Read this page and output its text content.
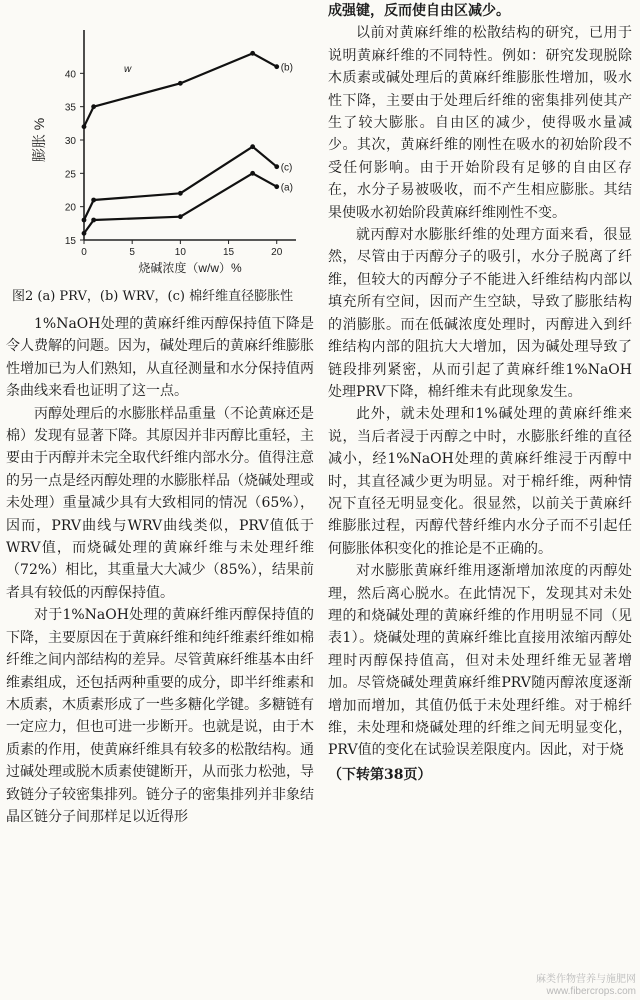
15
20
25
30
35
40
0	5	10	15	20
膨胀 %
烧碱浓度（w/w）%
w	(b)
(c)
(a)
图2 (a) PRV，(b) WRV，(c) 棉纤维直径膨胀性

1%NaOH处理的黄麻纤维丙醇保持值下降是令人费解的问题。因为，碱处理后的黄麻纤维膨胀性增加已为人们熟知，从直径测量和水分保持值两条曲线来看也证明了这一点。

丙醇处理后的水膨胀样品重量（不论黄麻还是棉）发现有显著下降。其原因并非丙醇比重轻，主要由于丙醇并未完全取代纤维内部水分。值得注意的另一点是经丙醇处理的水膨胀样品（烧碱处理或未处理）重量减少具有大致相同的情况（65%），因而，PRV曲线与WRV曲线类似，PRV值低于WRV值，而烧碱处理的黄麻纤维与未处理纤维（72%）相比，其重量大大减少（85%），结果前者具有较低的丙醇保持值。

对于1%NaOH处理的黄麻纤维丙醇保持值的下降，主要原因在于黄麻纤维和纯纤维素纤维如棉纤维之间内部结构的差异。尽管黄麻纤维基本由纤维素组成，还包括两种重要的成分，即半纤维素和木质素，木质素形成了一些多糖化学键。多糖链有一定应力，但也可进一步断开。也就是说，由于木质素的作用，使黄麻纤维具有较多的松散结构。通过碱处理或脱木质素使键断开，从而张力松弛，导致链分子较密集排列。链分子的密集排列并非象结晶区链分子间那样足以近得形

成强键，反而使自由区减少。

以前对黄麻纤维的松散结构的研究，已用于说明黄麻纤维的不同特性。例如：研究发现脱除木质素或碱处理后的黄麻纤维膨胀性增加，吸水性下降，主要由于处理后纤维的密集排列使其产生了较大膨胀。自由区的减少，使得吸水量减少。其次，黄麻纤维的刚性在吸水的初始阶段不受任何影响。由于开始阶段有足够的自由区存在，水分子易被吸收，而不产生相应膨胀。其结果使吸水初始阶段黄麻纤维刚性不变。

就丙醇对水膨胀纤维的处理方面来看，很显然，尽管由于丙醇分子的吸引，水分子脱离了纤维，但较大的丙醇分子不能进入纤维结构内部以填充所有空间，因而产生空缺，导致了膨胀结构的消膨胀。而在低碱浓度处理时，丙醇进入到纤维结构内部的阻抗大大增加，因为碱处理导致了链段排列紧密，从而引起了黄麻纤维1%NaOH处理PRV下降，棉纤维未有此现象发生。

此外，就未处理和1%碱处理的黄麻纤维来说，当后者浸于丙醇之中时，水膨胀纤维的直径减小，经1%NaOH处理的黄麻纤维浸于丙醇中时，其直径减少更为明显。对于棉纤维，两种情况下直径无明显变化。很显然，以前关于黄麻纤维膨胀过程，丙醇代替纤维内水分子而不引起任何膨胀体积变化的推论是不正确的。

对水膨胀黄麻纤维用逐渐增加浓度的丙醇处理，然后离心脱水。在此情况下，发现其对未处理的和烧碱处理的黄麻纤维的作用明显不同（见表1）。烧碱处理的黄麻纤维比直接用浓缩丙醇处理时丙醇保持值高，但对未处理纤维无显著增加。尽管烧碱处理黄麻纤维PRV随丙醇浓度逐渐增加而增加，其值仍低于未处理纤维。对于棉纤维，未处理和烧碱处理的纤维之间无明显变化，PRV值的变化在试验误差限度内。因此，对于烧

（下转第38页）
麻类作物营养与施肥网
www.fibercrops.com
